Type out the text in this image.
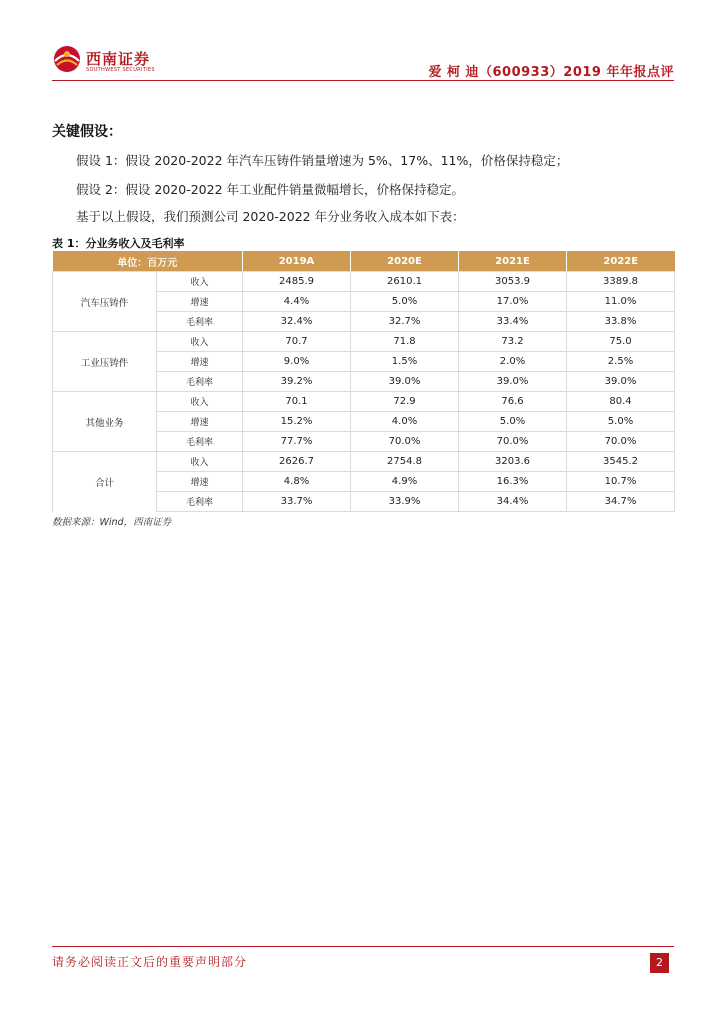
西南证券
SOUTHWEST SECURITIES	爱 柯 迪（600933）2019 年年报点评
关键假设：
假设 1：假设 2020-2022 年汽车压铸件销量增速为 5%、17%、11%，价格保持稳定；
假设 2：假设 2020-2022 年工业配件销量微幅增长，价格保持稳定。
基于以上假设，我们预测公司 2020-2022 年分业务收入成本如下表：
表 1：分业务收入及毛利率
单位：百万元		2019A	2020E	2021E	2022E
汽车压铸件	收入	2485.9	2610.1	3053.9	3389.8
	增速	4.4%	5.0%	17.0%	11.0%
	毛利率	32.4%	32.7%	33.4%	33.8%
工业压铸件	收入	70.7	71.8	73.2	75.0
	增速	9.0%	1.5%	2.0%	2.5%
	毛利率	39.2%	39.0%	39.0%	39.0%
其他业务	收入	70.1	72.9	76.6	80.4
	增速	15.2%	4.0%	5.0%	5.0%
	毛利率	77.7%	70.0%	70.0%	70.0%
合计	收入	2626.7	2754.8	3203.6	3545.2
	增速	4.8%	4.9%	16.3%	10.7%
	毛利率	33.7%	33.9%	34.4%	34.7%
数据来源：Wind，西南证券
请务必阅读正文后的重要声明部分	2
